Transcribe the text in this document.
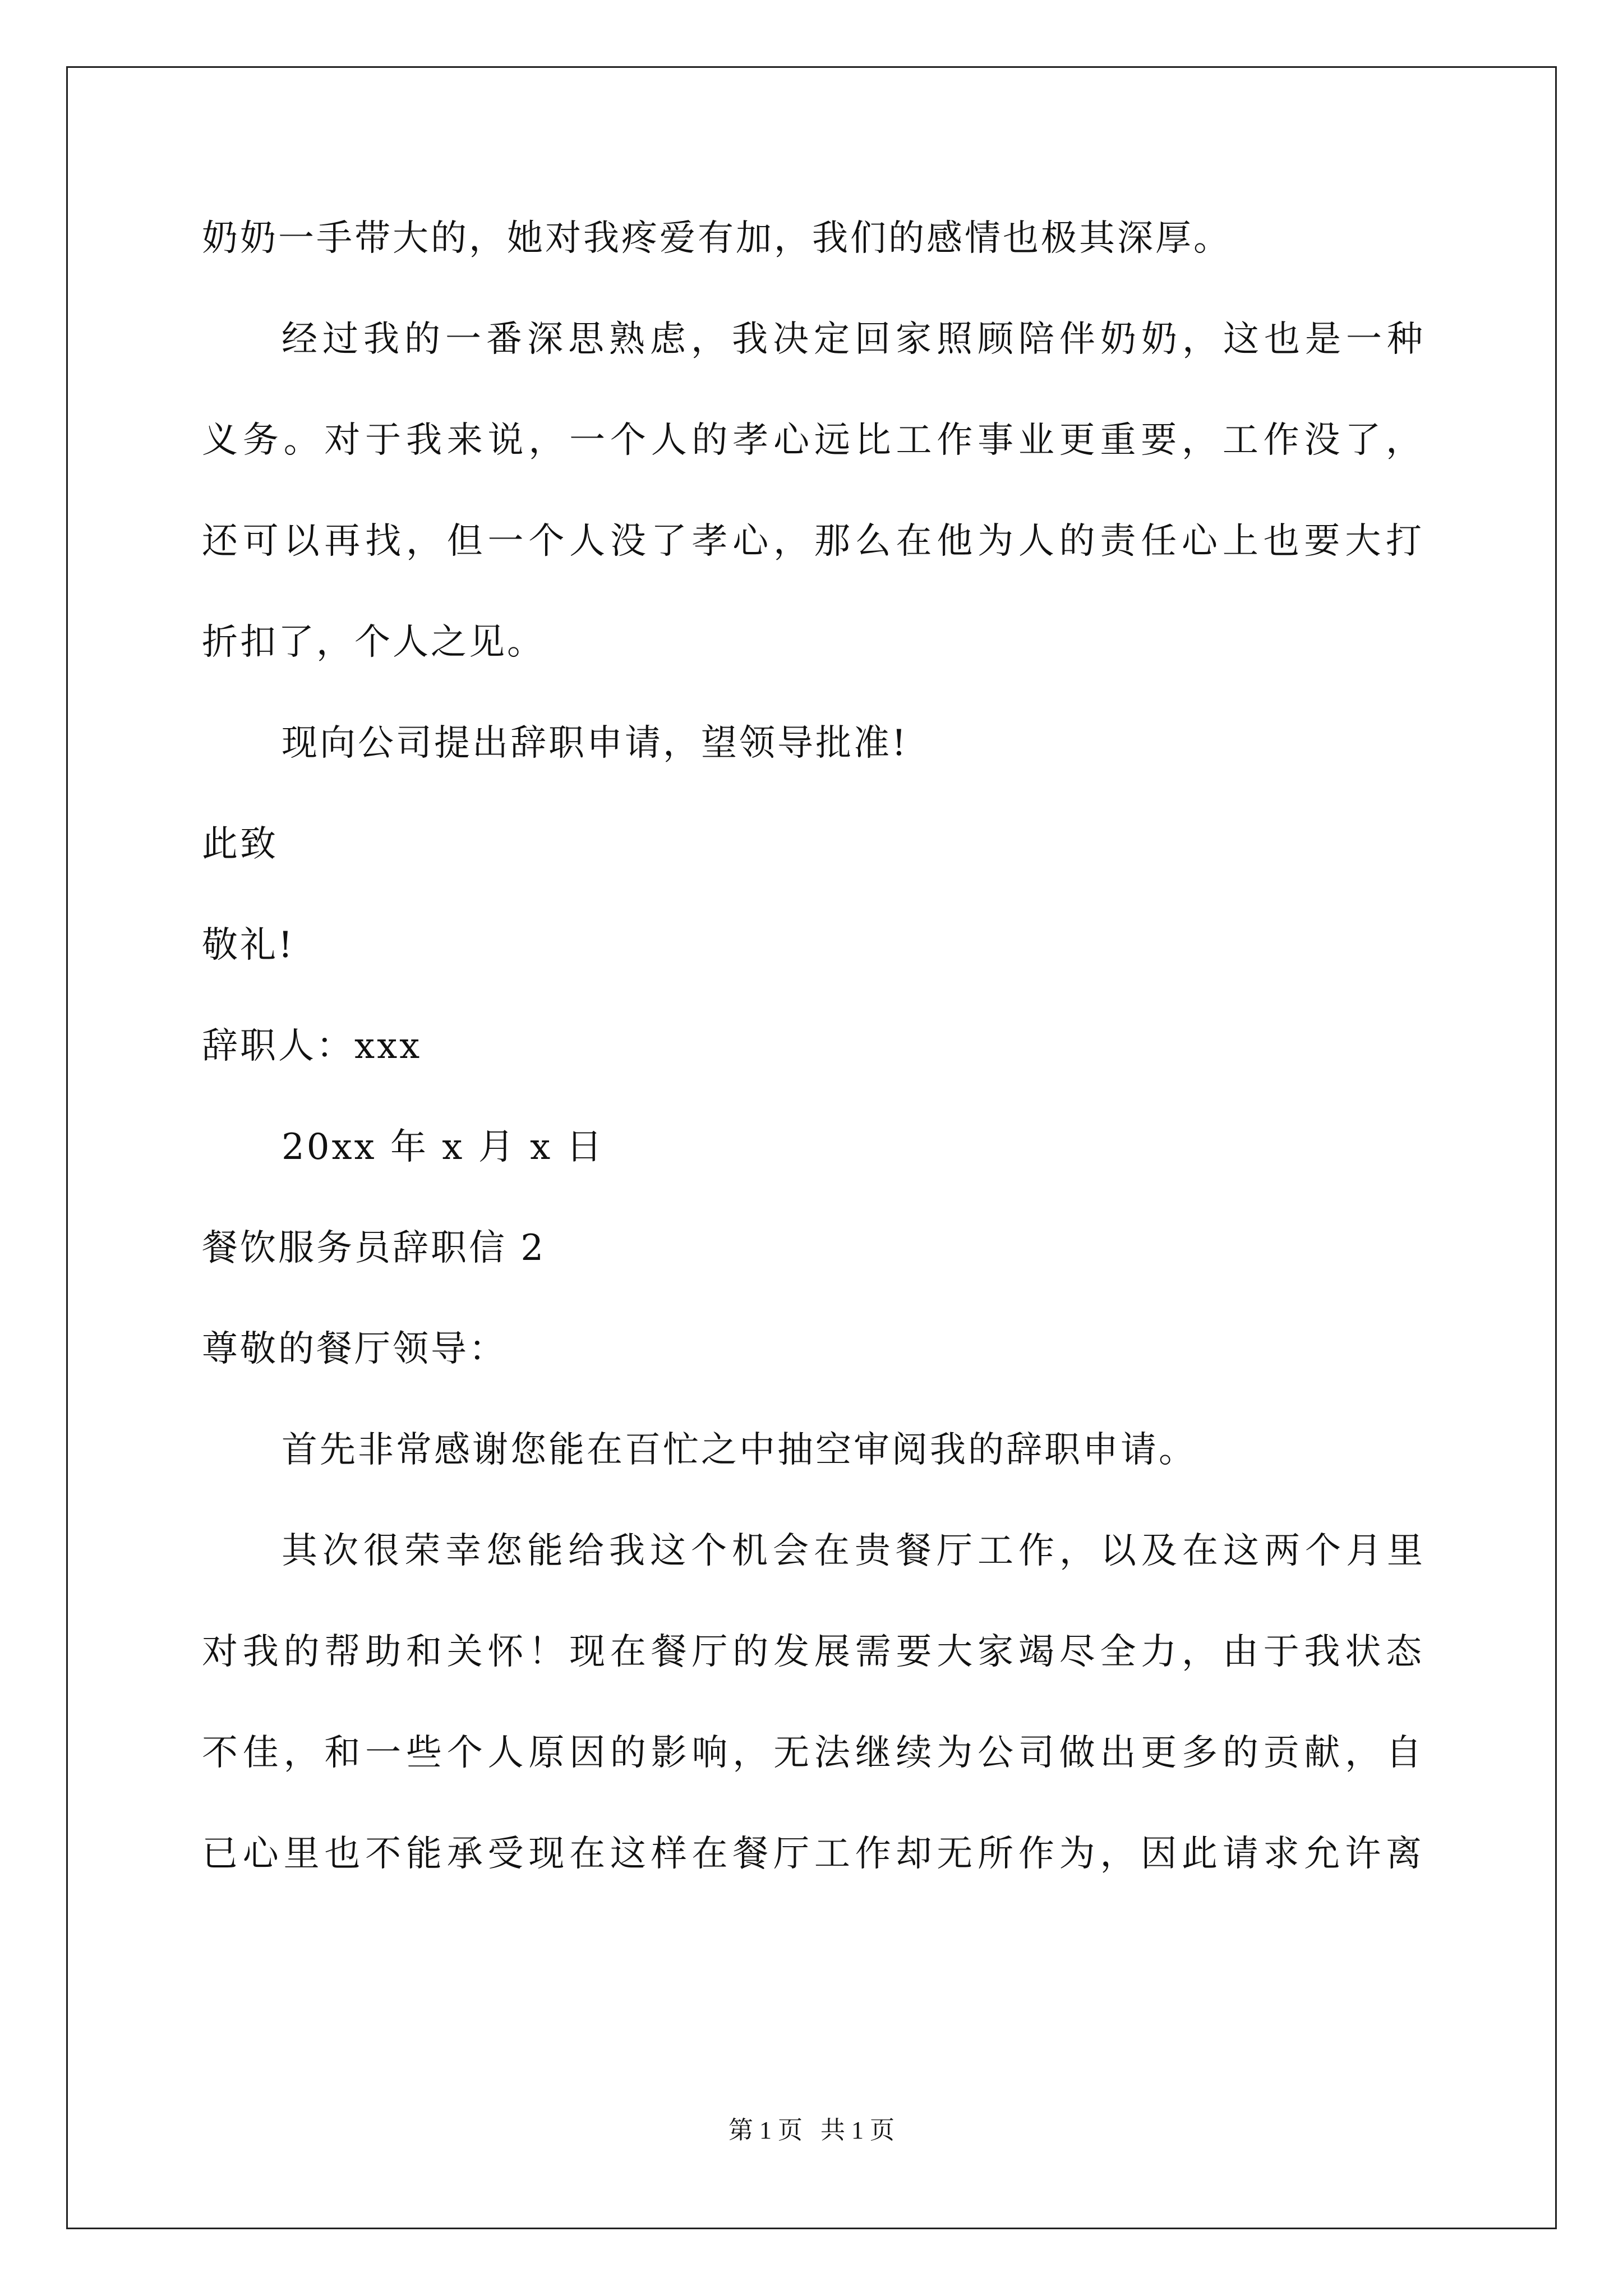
奶奶一手带大的，她对我疼爱有加，我们的感情也极其深厚。
经过我的一番深思熟虑，我决定回家照顾陪伴奶奶，这也是一种
义务。对于我来说，一个人的孝心远比工作事业更重要，工作没了，
还可以再找，但一个人没了孝心，那么在他为人的责任心上也要大打
折扣了，个人之见。
现向公司提出辞职申请，望领导批准!
此致
敬礼!
辞职人：xxx
20xx 年 x 月 x 日
餐饮服务员辞职信 2
尊敬的餐厅领导：
首先非常感谢您能在百忙之中抽空审阅我的辞职申请。
其次很荣幸您能给我这个机会在贵餐厅工作，以及在这两个月里
对我的帮助和关怀！现在餐厅的发展需要大家竭尽全力，由于我状态
不佳，和一些个人原因的影响，无法继续为公司做出更多的贡献，自
已心里也不能承受现在这样在餐厅工作却无所作为，因此请求允许离
第 1 页 共 1 页
